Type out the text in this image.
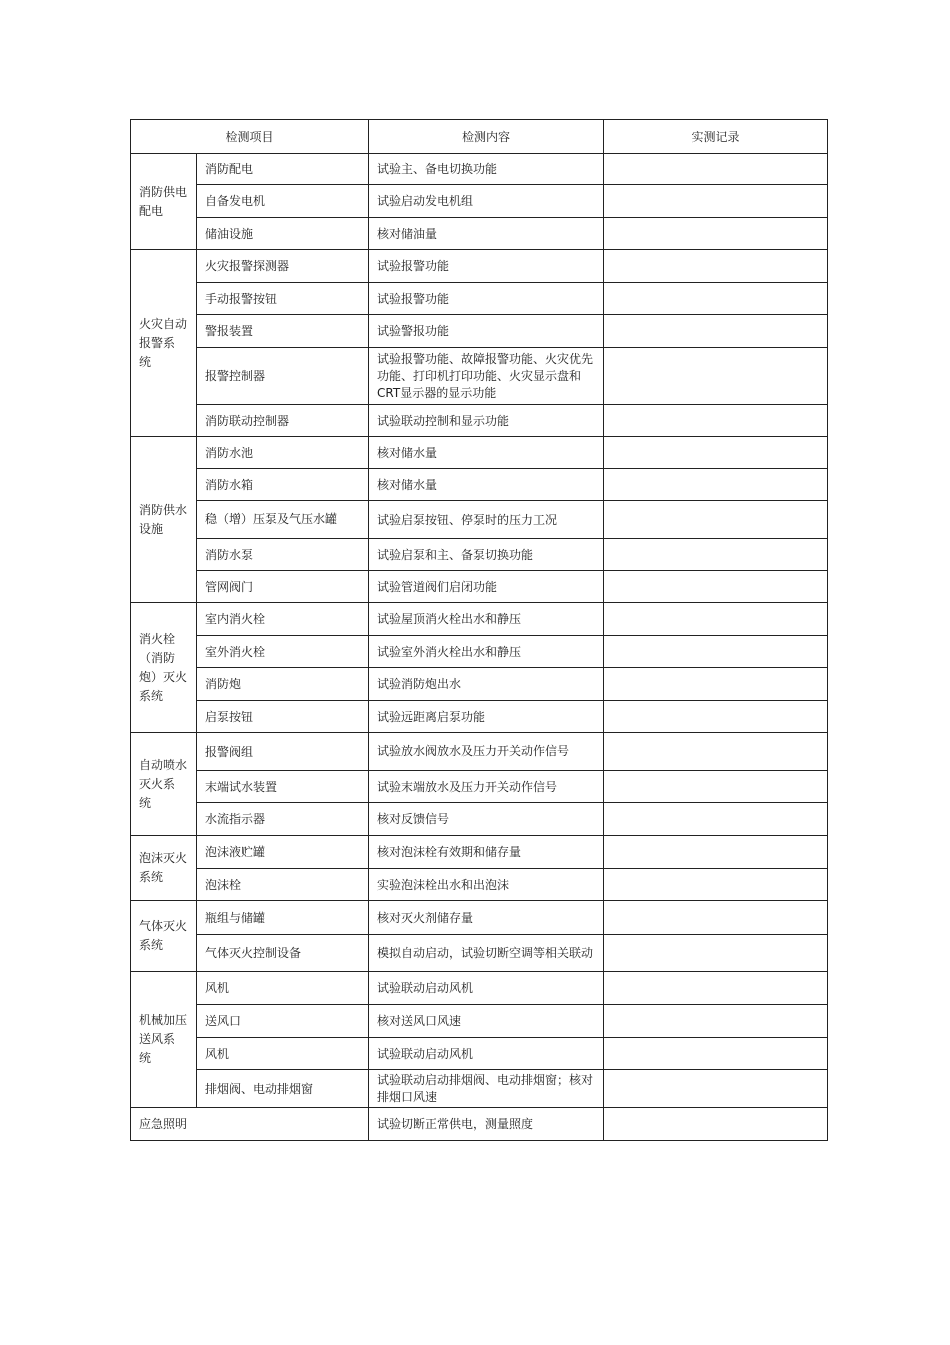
检测项目		检测内容	实测记录
消防供电配电	消防配电	试验主、备电切换功能	
	自备发电机	试验启动发电机组	
	储油设施	核对储油量	
火灾自动报警系　统	火灾报警探测器	试验报警功能	
	手动报警按钮	试验报警功能	
	警报装置	试验警报功能	
	报警控制器	试验报警功能、故障报警功能、火灾优先功能、打印机打印功能、火灾显示盘和　CRT显示器的显示功能	
	消防联动控制器	试验联动控制和显示功能	
消防供水设施	消防水池	核对储水量	
	消防水箱	核对储水量	
	稳（增）压泵及气压水罐	试验启泵按钮、停泵时的压力工况	
	消防水泵	试验启泵和主、备泵切换功能	
	管网阀门	试验管道阀们启闭功能	
消火栓（消防炮）灭火系统	室内消火栓	试验屋顶消火栓出水和静压	
	室外消火栓	试验室外消火栓出水和静压	
	消防炮	试验消防炮出水	
	启泵按钮	试验远距离启泵功能	
自动喷水灭火系　统	报警阀组	试验放水阀放水及压力开关动作信号	
	末端试水装置	试验末端放水及压力开关动作信号	
	水流指示器	核对反馈信号	
泡沫灭火系统	泡沫液贮罐	核对泡沫栓有效期和储存量	
	泡沫栓	实验泡沫栓出水和出泡沫	
气体灭火系统	瓶组与储罐	核对灭火剂储存量	
	气体灭火控制设备	模拟自动启动，试验切断空调等相关联动	
机械加压送风系　统	风机	试验联动启动风机	
	送风口	核对送风口风速	
	风机	试验联动启动风机	
	排烟阀、电动排烟窗	试验联动启动排烟阀、电动排烟窗；核对排烟口风速	
应急照明		试验切断正常供电，测量照度	
